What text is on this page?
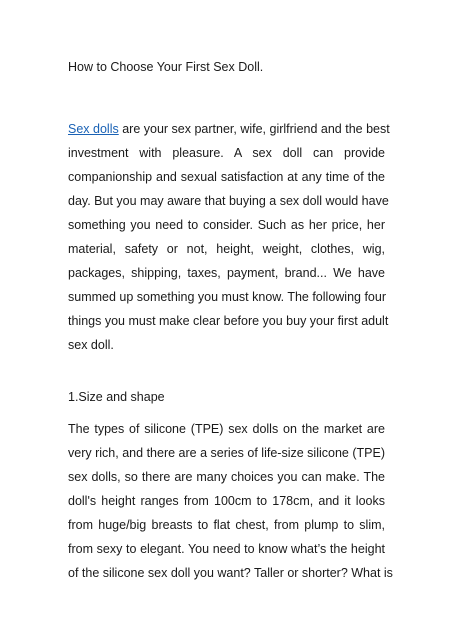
How to Choose Your First Sex Doll.
Sex dolls are your sex partner, wife, girlfriend and the best
investment with pleasure. A sex doll can provide
companionship and sexual satisfaction at any time of the
day. But you may aware that buying a sex doll would have
something you need to consider. Such as her price, her
material, safety or not, height, weight, clothes, wig,
packages, shipping, taxes, payment, brand... We have
summed up something you must know. The following four
things you must make clear before you buy your first adult
sex doll.
1.Size and shape
The types of silicone (TPE) sex dolls on the market are
very rich, and there are a series of life-size silicone (TPE)
sex dolls, so there are many choices you can make. The
doll's height ranges from 100cm to 178cm, and it looks
from huge/big breasts to flat chest, from plump to slim,
from sexy to elegant. You need to know what’s the height
of the silicone sex doll you want? Taller or shorter? What is
